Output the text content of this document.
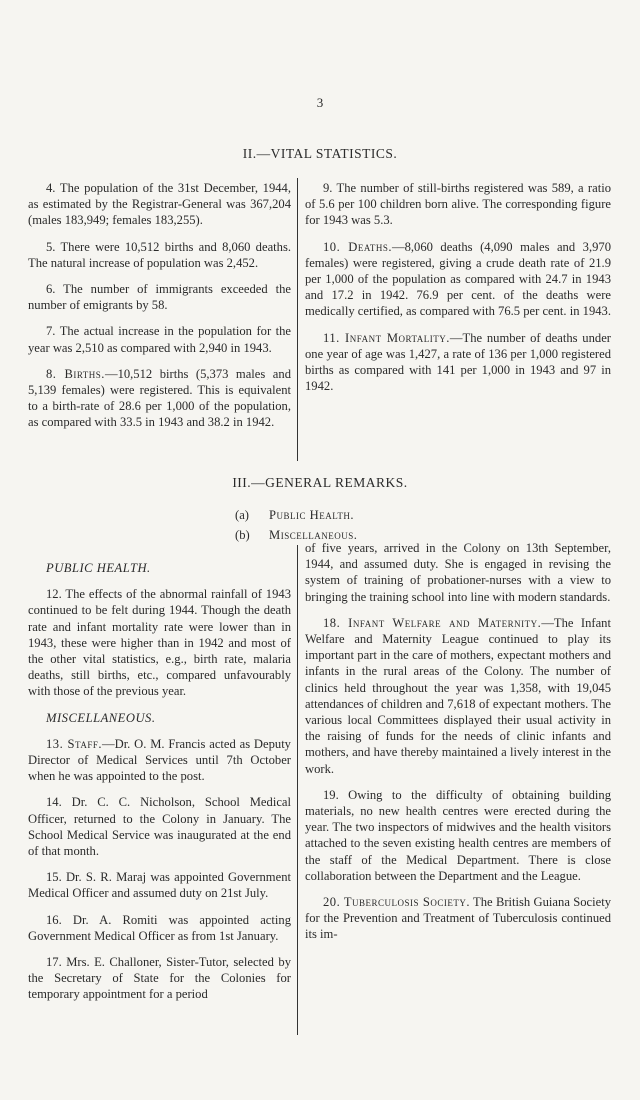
3
II.—VITAL STATISTICS.

4. The population of the 31st December, 1944, as estimated by the Registrar-General was 367,204 (males 183,949; females 183,255).

5. There were 10,512 births and 8,060 deaths. The natural increase of population was 2,452.

6. The number of immigrants exceeded the number of emigrants by 58.

7. The actual increase in the population for the year was 2,510 as compared with 2,940 in 1943.

8. Births.—10,512 births (5,373 males and 5,139 females) were registered. This is equivalent to a birth-rate of 28.6 per 1,000 of the population, as compared with 33.5 in 1943 and 38.2 in 1942.

9. The number of still-births registered was 589, a ratio of 5.6 per 100 children born alive. The corresponding figure for 1943 was 5.3.

10. Deaths.—8,060 deaths (4,090 males and 3,970 females) were registered, giving a crude death rate of 21.9 per 1,000 of the population as compared with 24.7 in 1943 and 17.2 in 1942. 76.9 per cent. of the deaths were medically certified, as compared with 76.5 per cent. in 1943.

11. Infant Mortality.—The number of deaths under one year of age was 1,427, a rate of 136 per 1,000 registered births as compared with 141 per 1,000 in 1943 and 97 in 1942.

III.—GENERAL REMARKS.
(a) Public Health.
(b) Miscellaneous.

PUBLIC HEALTH.

12. The effects of the abnormal rainfall of 1943 continued to be felt during 1944. Though the death rate and infant mortality rate were lower than in 1943, these were higher than in 1942 and most of the other vital statistics, e.g., birth rate, malaria deaths, still births, etc., compared unfavourably with those of the previous year.

MISCELLANEOUS.

13. Staff.—Dr. O. M. Francis acted as Deputy Director of Medical Services until 7th October when he was appointed to the post.

14. Dr. C. C. Nicholson, School Medical Officer, returned to the Colony in January. The School Medical Service was inaugurated at the end of that month.

15. Dr. S. R. Maraj was appointed Government Medical Officer and assumed duty on 21st July.

16. Dr. A. Romiti was appointed acting Government Medical Officer as from 1st January.

17. Mrs. E. Challoner, Sister-Tutor, selected by the Secretary of State for the Colonies for temporary appointment for a period

of five years, arrived in the Colony on 13th September, 1944, and assumed duty. She is engaged in revising the system of training of probationer-nurses with a view to bringing the training school into line with modern standards.

18. Infant Welfare and Maternity.—The Infant Welfare and Maternity League continued to play its important part in the care of mothers, expectant mothers and infants in the rural areas of the Colony. The number of clinics held throughout the year was 1,358, with 19,045 attendances of children and 7,618 of expectant mothers. The various local Committees displayed their usual activity in the raising of funds for the needs of clinic infants and mothers, and have thereby maintained a lively interest in the work.

19. Owing to the difficulty of obtaining building materials, no new health centres were erected during the year. The two inspectors of midwives and the health visitors attached to the seven existing health centres are members of the staff of the Medical Department. There is close collaboration between the Department and the League.

20. Tuberculosis Society. The British Guiana Society for the Prevention and Treatment of Tuberculosis continued its im-
